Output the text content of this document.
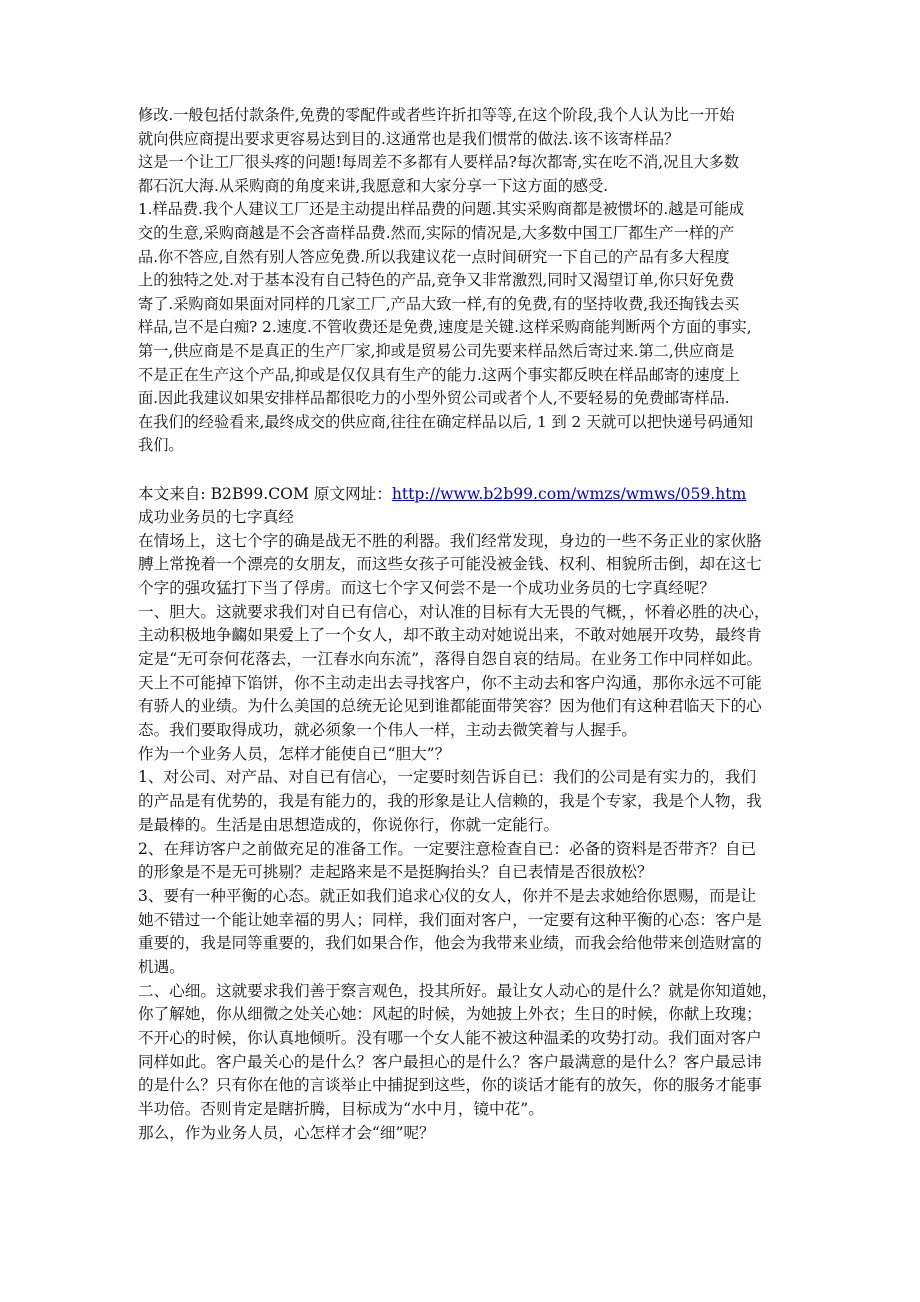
修改.一般包括付款条件,免费的零配件或者些许折扣等等,在这个阶段,我个人认为比一开始

就向供应商提出要求更容易达到目的.这通常也是我们惯常的做法.该不该寄样品？

这是一个让工厂很头疼的问题!每周差不多都有人要样品?每次都寄,实在吃不消,况且大多数

都石沉大海.从采购商的角度来讲,我愿意和大家分享一下这方面的感受.

1.样品费.我个人建议工厂还是主动提出样品费的问题.其实采购商都是被惯坏的.越是可能成

交的生意,采购商越是不会吝啬样品费.然而,实际的情况是,大多数中国工厂都生产一样的产

品.你不答应,自然有别人答应免费.所以我建议花一点时间研究一下自己的产品有多大程度

上的独特之处.对于基本没有自己特色的产品,竞争又非常激烈,同时又渴望订单,你只好免费

寄了.采购商如果面对同样的几家工厂,产品大致一样,有的免费,有的坚持收费,我还掏钱去买

样品,岂不是白痴? 2.速度.不管收费还是免费,速度是关键.这样采购商能判断两个方面的事实,

第一,供应商是不是真正的生产厂家,抑或是贸易公司先要来样品然后寄过来.第二,供应商是

不是正在生产这个产品,抑或是仅仅具有生产的能力.这两个事实都反映在样品邮寄的速度上

面.因此我建议如果安排样品都很吃力的小型外贸公司或者个人,不要轻易的免费邮寄样品.

在我们的经验看来,最终成交的供应商,往往在确定样品以后, 1 到 2 天就可以把快递号码通知

我们。

本文来自: B2B99.COM 原文网址：http://www.b2b99.com/wmzs/wmws/059.htm

成功业务员的七字真经

在情场上，这七个字的确是战无不胜的利器。我们经常发现，身边的一些不务正业的家伙胳

膊上常挽着一个漂亮的女朋友，而这些女孩子可能没被金钱、权利、相貌所击倒，却在这七

个字的强攻猛打下当了俘虏。而这七个字又何尝不是一个成功业务员的七字真经呢？

一、胆大。这就要求我们对自已有信心，对认准的目标有大无畏的气概，，怀着必胜的决心，

主动积极地争齺如果爱上了一个女人，却不敢主动对她说出来，不敢对她展开攻势，最终肯

定是“无可奈何花落去，一江春水向东流”，落得自怨自哀的结局。在业务工作中同样如此。

天上不可能掉下馅饼，你不主动走出去寻找客户，你不主动去和客户沟通，那你永远不可能

有骄人的业绩。为什么美国的总统无论见到谁都能面带笑容？因为他们有这种君临天下的心

态。我们要取得成功，就必须象一个伟人一样，主动去微笑着与人握手。

作为一个业务人员，怎样才能使自已“胆大”？

1、对公司、对产品、对自已有信心，一定要时刻告诉自已：我们的公司是有实力的，我们

的产品是有优势的，我是有能力的，我的形象是让人信赖的，我是个专家，我是个人物，我

是最棒的。生活是由思想造成的，你说你行，你就一定能行。

2、在拜访客户之前做充足的准备工作。一定要注意检查自已：必备的资料是否带齐？自已

的形象是不是无可挑剔？走起路来是不是挺胸抬头？自已表情是否很放松？

3、要有一种平衡的心态。就正如我们追求心仪的女人，你并不是去求她给你恩赐，而是让

她不错过一个能让她幸福的男人；同样，我们面对客户，一定要有这种平衡的心态：客户是

重要的，我是同等重要的，我们如果合作，他会为我带来业绩，而我会给他带来创造财富的

机遇。

二、心细。这就要求我们善于察言观色，投其所好。最让女人动心的是什么？就是你知道她，

你了解她，你从细微之处关心她：风起的时候，为她披上外衣；生日的时候，你献上玫瑰；

不开心的时候，你认真地倾听。没有哪一个女人能不被这种温柔的攻势打动。我们面对客户

同样如此。客户最关心的是什么？客户最担心的是什么？客户最满意的是什么？客户最忌讳

的是什么？只有你在他的言谈举止中捕捉到这些，你的谈话才能有的放矢，你的服务才能事

半功倍。否则肯定是瞎折腾，目标成为“水中月，镜中花”。

那么，作为业务人员，心怎样才会“细”呢？
